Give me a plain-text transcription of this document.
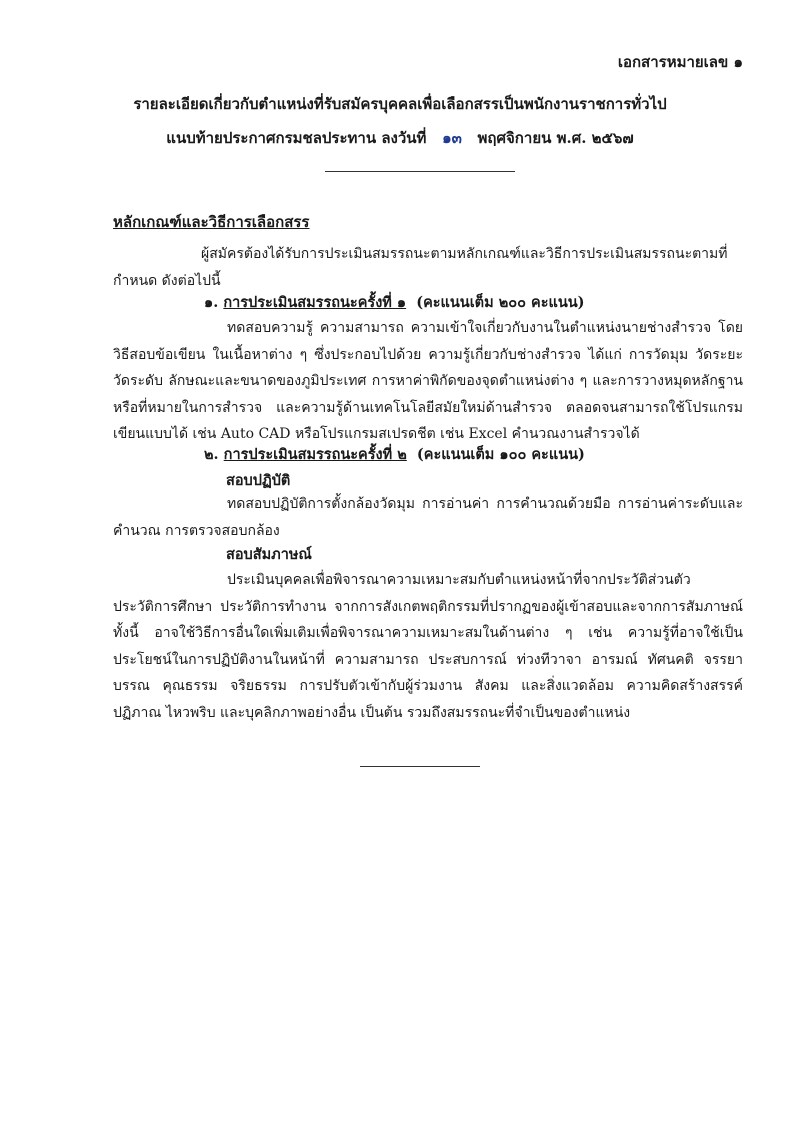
เอกสารหมายเลข ๑
รายละเอียดเกี่ยวกับตำแหน่งที่รับสมัครบุคคลเพื่อเลือกสรรเป็นพนักงานราชการทั่วไป
แนบท้ายประกาศกรมชลประทาน ลงวันที่ ๑๓ พฤศจิกายน พ.ศ. ๒๕๖๗
หลักเกณฑ์และวิธีการเลือกสรร

ผู้สมัครต้องได้รับการประเมินสมรรถนะตามหลักเกณฑ์และวิธีการประเมินสมรรถนะตามที่กำหนด ดังต่อไปนี้

๑. การประเมินสมรรถนะครั้งที่ ๑ (คะแนนเต็ม ๒๐๐ คะแนน)

ทดสอบความรู้ ความสามารถ ความเข้าใจเกี่ยวกับงานในตำแหน่งนายช่างสำรวจ โดยวิธีสอบข้อเขียน ในเนื้อหาต่าง ๆ ซึ่งประกอบไปด้วย ความรู้เกี่ยวกับช่างสำรวจ ได้แก่ การวัดมุม วัดระยะ วัดระดับ ลักษณะและขนาดของภูมิประเทศ การหาค่าพิกัดของจุดตำแหน่งต่าง ๆ และการวางหมุดหลักฐาน หรือที่หมายในการสำรวจ และความรู้ด้านเทคโนโลยีสมัยใหม่ด้านสำรวจ ตลอดจนสามารถใช้โปรแกรมเขียนแบบได้ เช่น Auto CAD หรือโปรแกรมสเปรดชีต เช่น Excel คำนวณงานสำรวจได้

๒. การประเมินสมรรถนะครั้งที่ ๒ (คะแนนเต็ม ๑๐๐ คะแนน)
สอบปฏิบัติ

ทดสอบปฏิบัติการตั้งกล้องวัดมุม การอ่านค่า การคำนวณด้วยมือ การอ่านค่าระดับและคำนวณ การตรวจสอบกล้อง

สอบสัมภาษณ์

ประเมินบุคคลเพื่อพิจารณาความเหมาะสมกับตำแหน่งหน้าที่จากประวัติส่วนตัว ประวัติการศึกษา ประวัติการทำงาน จากการสังเกตพฤติกรรมที่ปรากฏของผู้เข้าสอบและจากการสัมภาษณ์ ทั้งนี้ อาจใช้วิธีการอื่นใดเพิ่มเติมเพื่อพิจารณาความเหมาะสมในด้านต่าง ๆ เช่น ความรู้ที่อาจใช้เป็นประโยชน์ในการปฏิบัติงานในหน้าที่ ความสามารถ ประสบการณ์ ท่วงทีวาจา อารมณ์ ทัศนคติ จรรยาบรรณ คุณธรรม จริยธรรม การปรับตัวเข้ากับผู้ร่วมงาน สังคม และสิ่งแวดล้อม ความคิดสร้างสรรค์ ปฏิภาณ ไหวพริบ และบุคลิกภาพอย่างอื่น เป็นต้น รวมถึงสมรรถนะที่จำเป็นของตำแหน่ง
